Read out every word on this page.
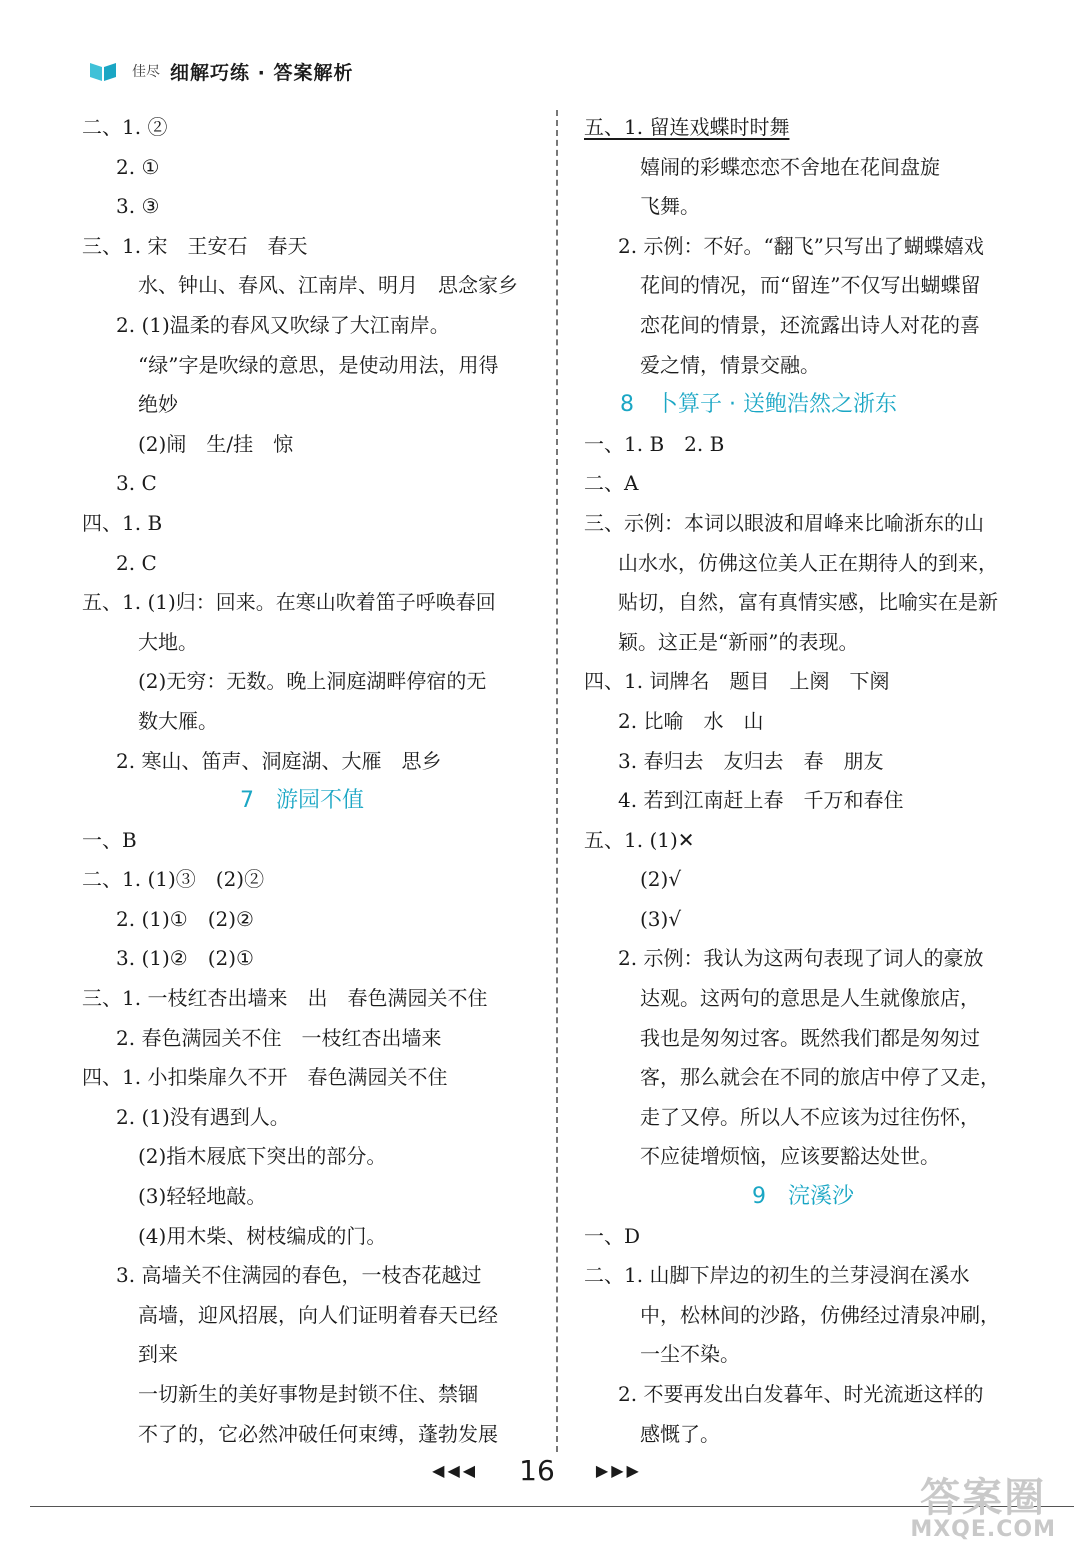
佳尽 细解巧练 · 答案解析
二、1. ②
2. ①
3. ③
三、1. 宋　王安石　春天
水、钟山、春风、江南岸、明月　思念家乡
2. (1)温柔的春风又吹绿了大江南岸。
“绿”字是吹绿的意思，是使动用法，用得
绝妙
(2)闹　生/挂　惊
3. C
四、1. B
2. C
五、1. (1)归：回来。在寒山吹着笛子呼唤春回
大地。
(2)无穷：无数。晚上洞庭湖畔停宿的无
数大雁。
2. 寒山、笛声、洞庭湖、大雁　思乡
7　游园不值
一、B
二、1. (1)③　(2)②
2. (1)①　(2)②
3. (1)②　(2)①
三、1. 一枝红杏出墙来　出　春色满园关不住
2. 春色满园关不住　一枝红杏出墙来
四、1. 小扣柴扉久不开　春色满园关不住
2. (1)没有遇到人。
(2)指木屐底下突出的部分。
(3)轻轻地敲。
(4)用木柴、树枝编成的门。
3. 高墙关不住满园的春色，一枝杏花越过
高墙，迎风招展，向人们证明着春天已经
到来
一切新生的美好事物是封锁不住、禁锢
不了的，它必然冲破任何束缚，蓬勃发展
五、1. 留连戏蝶时时舞
嬉闹的彩蝶恋恋不舍地在花间盘旋
飞舞。
2. 示例：不好。“翻飞”只写出了蝴蝶嬉戏
花间的情况，而“留连”不仅写出蝴蝶留
恋花间的情景，还流露出诗人对花的喜
爱之情，情景交融。
8　卜算子 · 送鲍浩然之浙东
一、1. B　2. B
二、A
三、示例：本词以眼波和眉峰来比喻浙东的山
山水水，仿佛这位美人正在期待人的到来，
贴切，自然，富有真情实感，比喻实在是新
颖。这正是“新丽”的表现。
四、1. 词牌名　题目　上阕　下阕
2. 比喻　水　山
3. 春归去　友归去　春　朋友
4. 若到江南赶上春　千万和春住
五、1. (1)✕
(2)√
(3)√
2. 示例：我认为这两句表现了词人的豪放
达观。这两句的意思是人生就像旅店，
我也是匆匆过客。既然我们都是匆匆过
客，那么就会在不同的旅店中停了又走，
走了又停。所以人不应该为过往伤怀，
不应徒增烦恼，应该要豁达处世。
9　浣溪沙
一、D
二、1. 山脚下岸边的初生的兰芽浸润在溪水
中，松林间的沙路，仿佛经过清泉冲刷，
一尘不染。
2. 不要再发出白发暮年、时光流逝这样的
感慨了。
◀◀◀ 16	▶▶▶
答案圈
MXQE.COM
